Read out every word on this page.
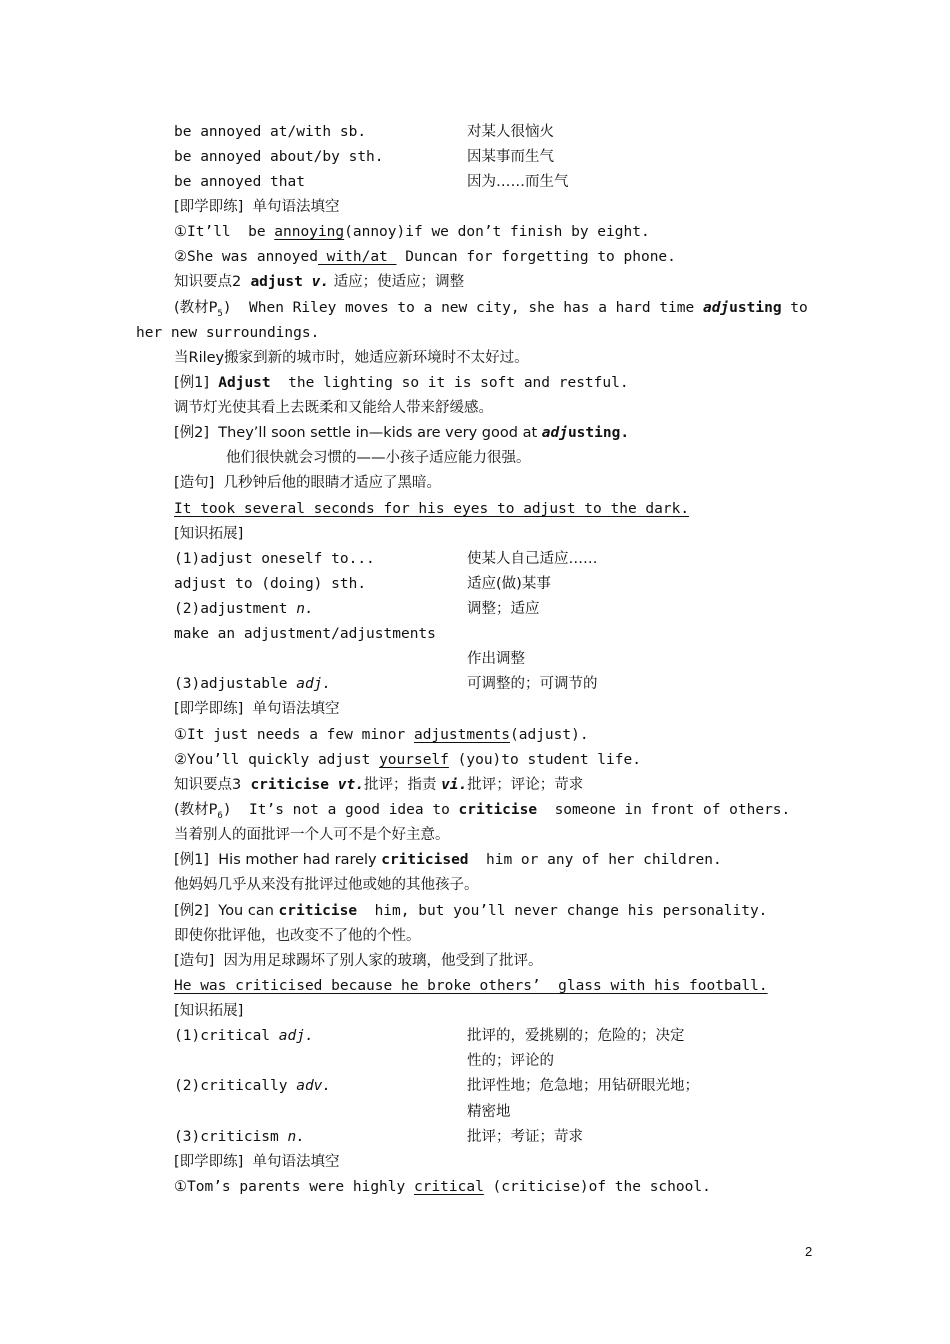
be annoyed at/with sb.	对某人很恼火
be annoyed about/by sth.	因某事而生气
be annoyed that	因为……而生气
[即学即练]  单句语法填空
①It’ll  be annoying(annoy)if we don’t finish by eight.
②She was annoyed with/at  Duncan for forgetting to phone.
知识要点2  adjust v. 适应；使适应；调整
(教材$P_5$)  When Riley moves to a new city, she has a hard time adjusting to
her new surroundings.
当Riley搬家到新的城市时，她适应新环境时不太好过。
[例1]  Adjust  the lighting so it is soft and restful.
调节灯光使其看上去既柔和又能给人带来舒缓感。
[例2]  They’ll soon settle in—kids are very good at adjusting.
他们很快就会习惯的——小孩子适应能力很强。
[造句]  几秒钟后他的眼睛才适应了黑暗。
It took several seconds for his eyes to adjust to the dark.
[知识拓展]
(1)adjust oneself to...	使某人自己适应……
adjust to (doing) sth.	适应(做)某事
(2)adjustment n.	调整；适应
make an adjustment/adjustments
作出调整
(3)adjustable adj.	可调整的；可调节的
[即学即练]  单句语法填空
①It just needs a few minor adjustments(adjust).
②You’ll quickly adjust yourself (you)to student life.
知识要点3  criticise vt.批评；指责 vi.批评；评论；苛求
(教材$P_6$)  It’s not a good idea to criticise  someone in front of others.
当着别人的面批评一个人可不是个好主意。
[例1]  His mother had rarely criticised  him or any of her children.
他妈妈几乎从来没有批评过他或她的其他孩子。
[例2]  You can criticise  him, but you’ll never change his personality.
即使你批评他，也改变不了他的个性。
[造句]  因为用足球踢坏了别人家的玻璃，他受到了批评。
He was criticised because he broke others’  glass with his football.
[知识拓展]
(1)critical adj.	批评的，爱挑剔的；危险的；决定
性的；评论的
(2)critically adv.	批评性地；危急地；用钻研眼光地；
精密地
(3)criticism n.	批评；考证；苛求
[即学即练]  单句语法填空
①Tom’s parents were highly critical (criticise)of the school.
2
